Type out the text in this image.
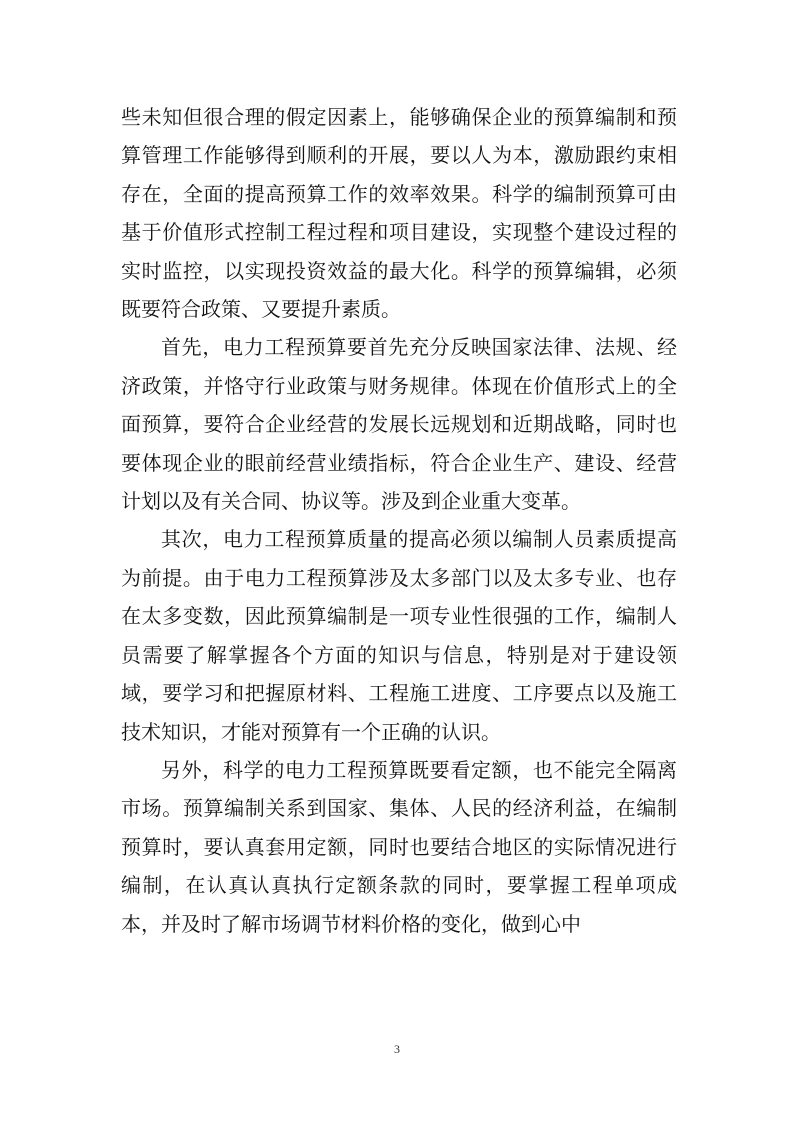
些未知但很合理的假定因素上，能够确保企业的预算编制和预算管理工作能够得到顺利的开展，要以人为本，激励跟约束相存在，全面的提高预算工作的效率效果。科学的编制预算可由基于价值形式控制工程过程和项目建设，实现整个建设过程的实时监控，以实现投资效益的最大化。科学的预算编辑，必须既要符合政策、又要提升素质。

首先，电力工程预算要首先充分反映国家法律、法规、经济政策，并恪守行业政策与财务规律。体现在价值形式上的全面预算，要符合企业经营的发展长远规划和近期战略，同时也要体现企业的眼前经营业绩指标，符合企业生产、建设、经营计划以及有关合同、协议等。涉及到企业重大变革。

其次，电力工程预算质量的提高必须以编制人员素质提高为前提。由于电力工程预算涉及太多部门以及太多专业、也存在太多变数，因此预算编制是一项专业性很强的工作，编制人员需要了解掌握各个方面的知识与信息，特别是对于建设领域，要学习和把握原材料、工程施工进度、工序要点以及施工技术知识，才能对预算有一个正确的认识。

另外，科学的电力工程预算既要看定额，也不能完全隔离市场。预算编制关系到国家、集体、人民的经济利益，在编制预算时，要认真套用定额，同时也要结合地区的实际情况进行编制，在认真认真执行定额条款的同时，要掌握工程单项成本，并及时了解市场调节材料价格的变化，做到心中

3
